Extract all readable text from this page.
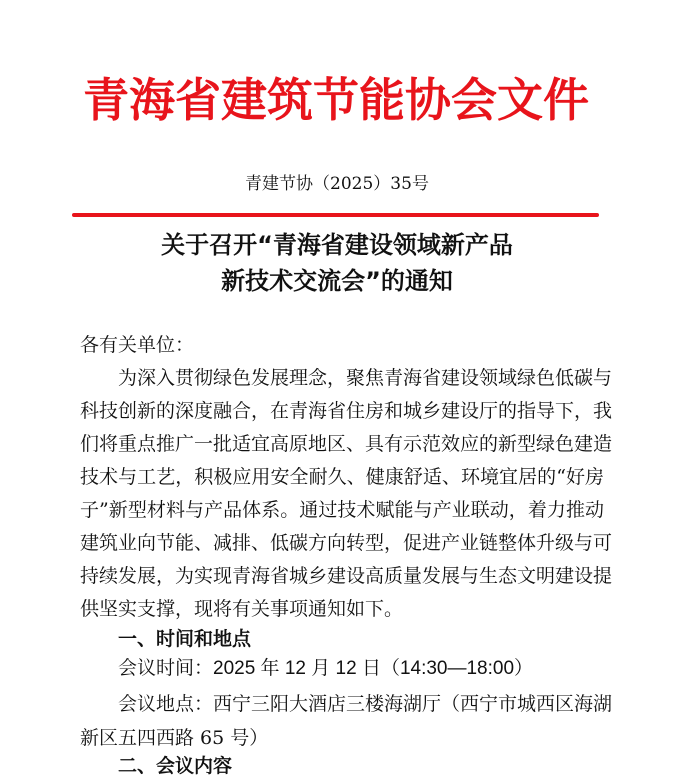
青海省建筑节能协会文件
青建节协（2025）35号
关于召开“青海省建设领域新产品
新技术交流会”的通知
各有关单位：
为深入贯彻绿色发展理念，聚焦青海省建设领域绿色低碳与
科技创新的深度融合，在青海省住房和城乡建设厅的指导下，我
们将重点推广一批适宜高原地区、具有示范效应的新型绿色建造
技术与工艺，积极应用安全耐久、健康舒适、环境宜居的“好房
子”新型材料与产品体系。通过技术赋能与产业联动，着力推动
建筑业向节能、减排、低碳方向转型，促进产业链整体升级与可
持续发展，为实现青海省城乡建设高质量发展与生态文明建设提
供坚实支撑，现将有关事项通知如下。
一、时间和地点
会议时间：2025 年 12 月 12 日（14:30—18:00）
会议地点：西宁三阳大酒店三楼海湖厅（西宁市城西区海湖
新区五四西路 65 号）
二、会议内容
